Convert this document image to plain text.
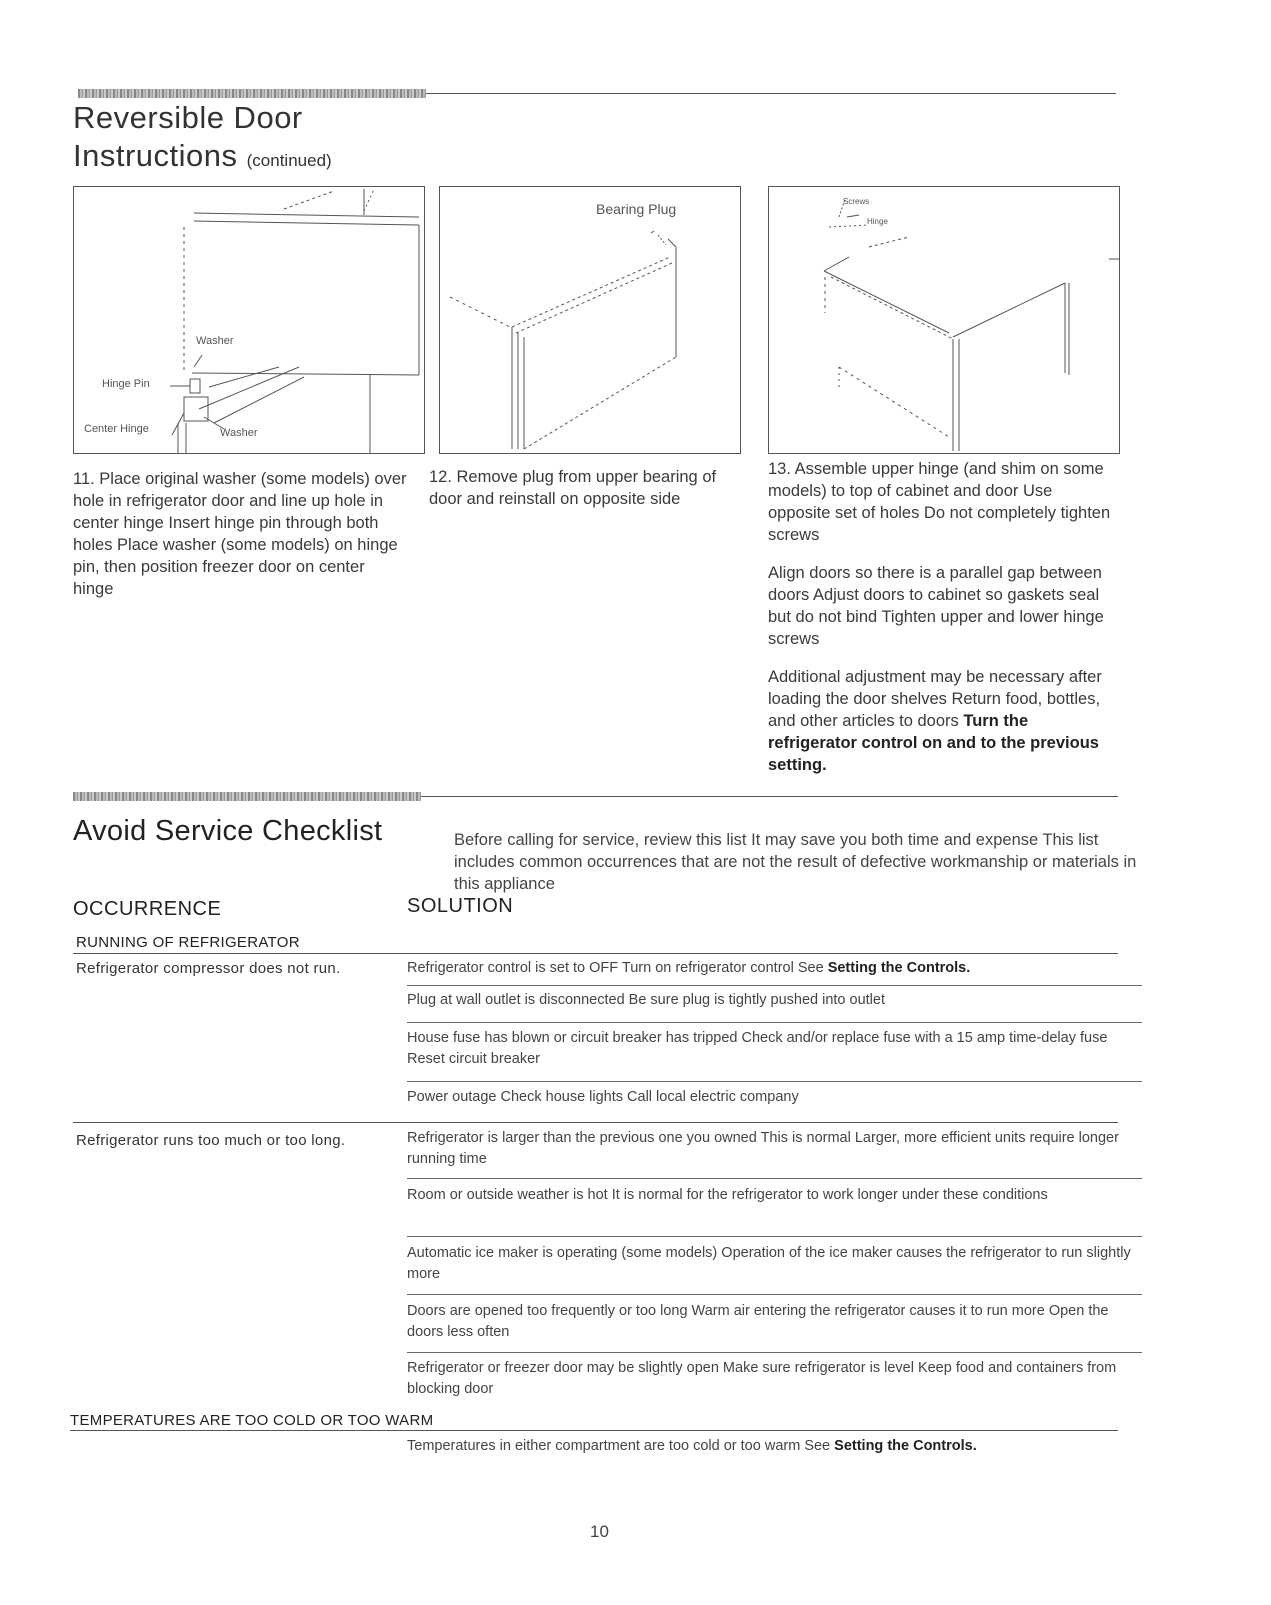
Reversible Door
Instructions (continued)
Washer
Hinge Pin
Center Hinge	Washer
Bearing Plug	Screws
Hinge
11. Place original washer (some models) over hole in refrigerator door and line up hole in center hinge Insert hinge pin through both holes Place washer (some models) on hinge pin, then position freezer door on center hinge
12. Remove plug from upper bearing of door and reinstall on opposite side

13. Assemble upper hinge (and shim on some models) to top of cabinet and door Use opposite set of holes Do not completely tighten screws

Align doors so there is a parallel gap between doors Adjust doors to cabinet so gaskets seal but do not bind Tighten upper and lower hinge screws

Additional adjustment may be necessary after loading the door shelves Return food, bottles, and other articles to doors Turn the refrigerator control on and to the previous setting.

Avoid Service Checklist	Before calling for service, review this list It may save you both time and expense This list includes common occurrences that are not the result of defective workmanship or materials in this appliance
OCCURRENCE	SOLUTION
RUNNING OF REFRIGERATOR
Refrigerator compressor does not run.	Refrigerator control is set to OFF Turn on refrigerator control See Setting the Controls.
Plug at wall outlet is disconnected Be sure plug is tightly pushed into outlet
House fuse has blown or circuit breaker has tripped Check and/or replace fuse with a 15 amp time-delay fuse Reset circuit breaker
Power outage Check house lights Call local electric company
Refrigerator runs too much or too long.	Refrigerator is larger than the previous one you owned This is normal Larger, more efficient units require longer running time
Room or outside weather is hot It is normal for the refrigerator to work longer under these conditions
Automatic ice maker is operating (some models) Operation of the ice maker causes the refrigerator to run slightly more
Doors are opened too frequently or too long Warm air entering the refrigerator causes it to run more Open the doors less often
Refrigerator or freezer door may be slightly open Make sure refrigerator is level Keep food and containers from blocking door
TEMPERATURES ARE TOO COLD OR TOO WARM
Temperatures in either compartment are too cold or too warm See Setting the Controls.
10
